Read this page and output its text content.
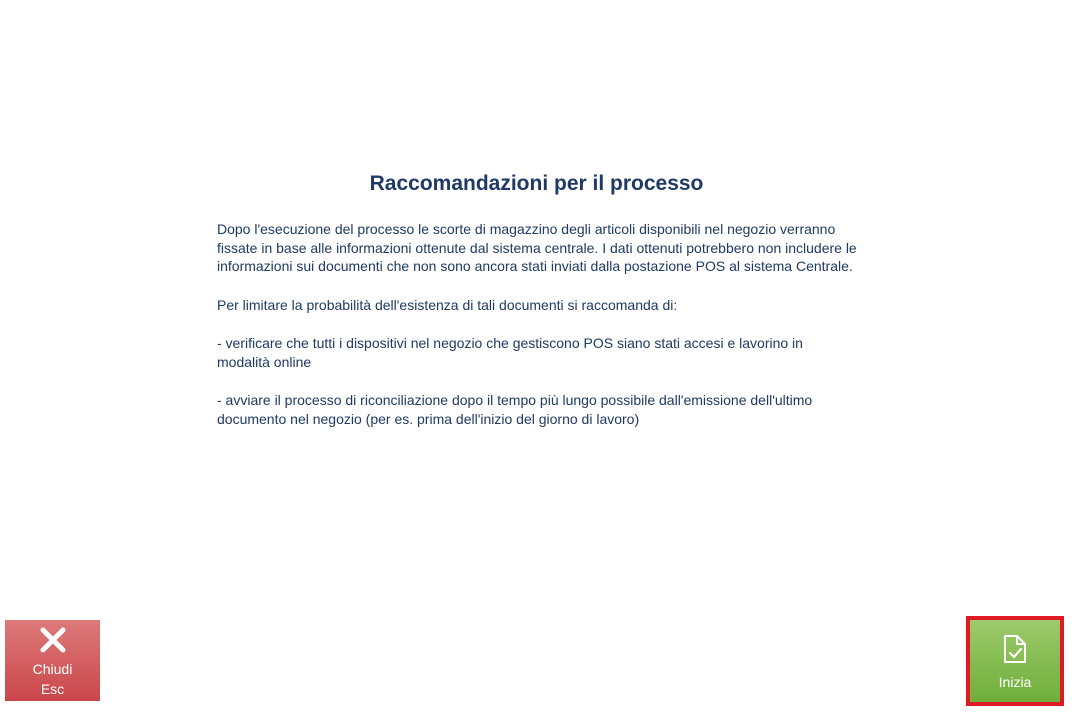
Raccomandazioni per il processo

Dopo l'esecuzione del processo le scorte di magazzino degli articoli disponibili nel negozio verranno fissate in base alle informazioni ottenute dal sistema centrale. I dati ottenuti potrebbero non includere le informazioni sui documenti che non sono ancora stati inviati dalla postazione POS al sistema Centrale.

Per limitare la probabilità dell'esistenza di tali documenti si raccomanda di:

- verificare che tutti i dispositivi nel negozio che gestiscono POS siano stati accesi e lavorino in modalità online

- avviare il processo di riconciliazione dopo il tempo più lungo possibile dall'emissione dell'ultimo documento nel negozio (per es. prima dell'inizio del giorno di lavoro)

Chiudi
Esc	Inizia
